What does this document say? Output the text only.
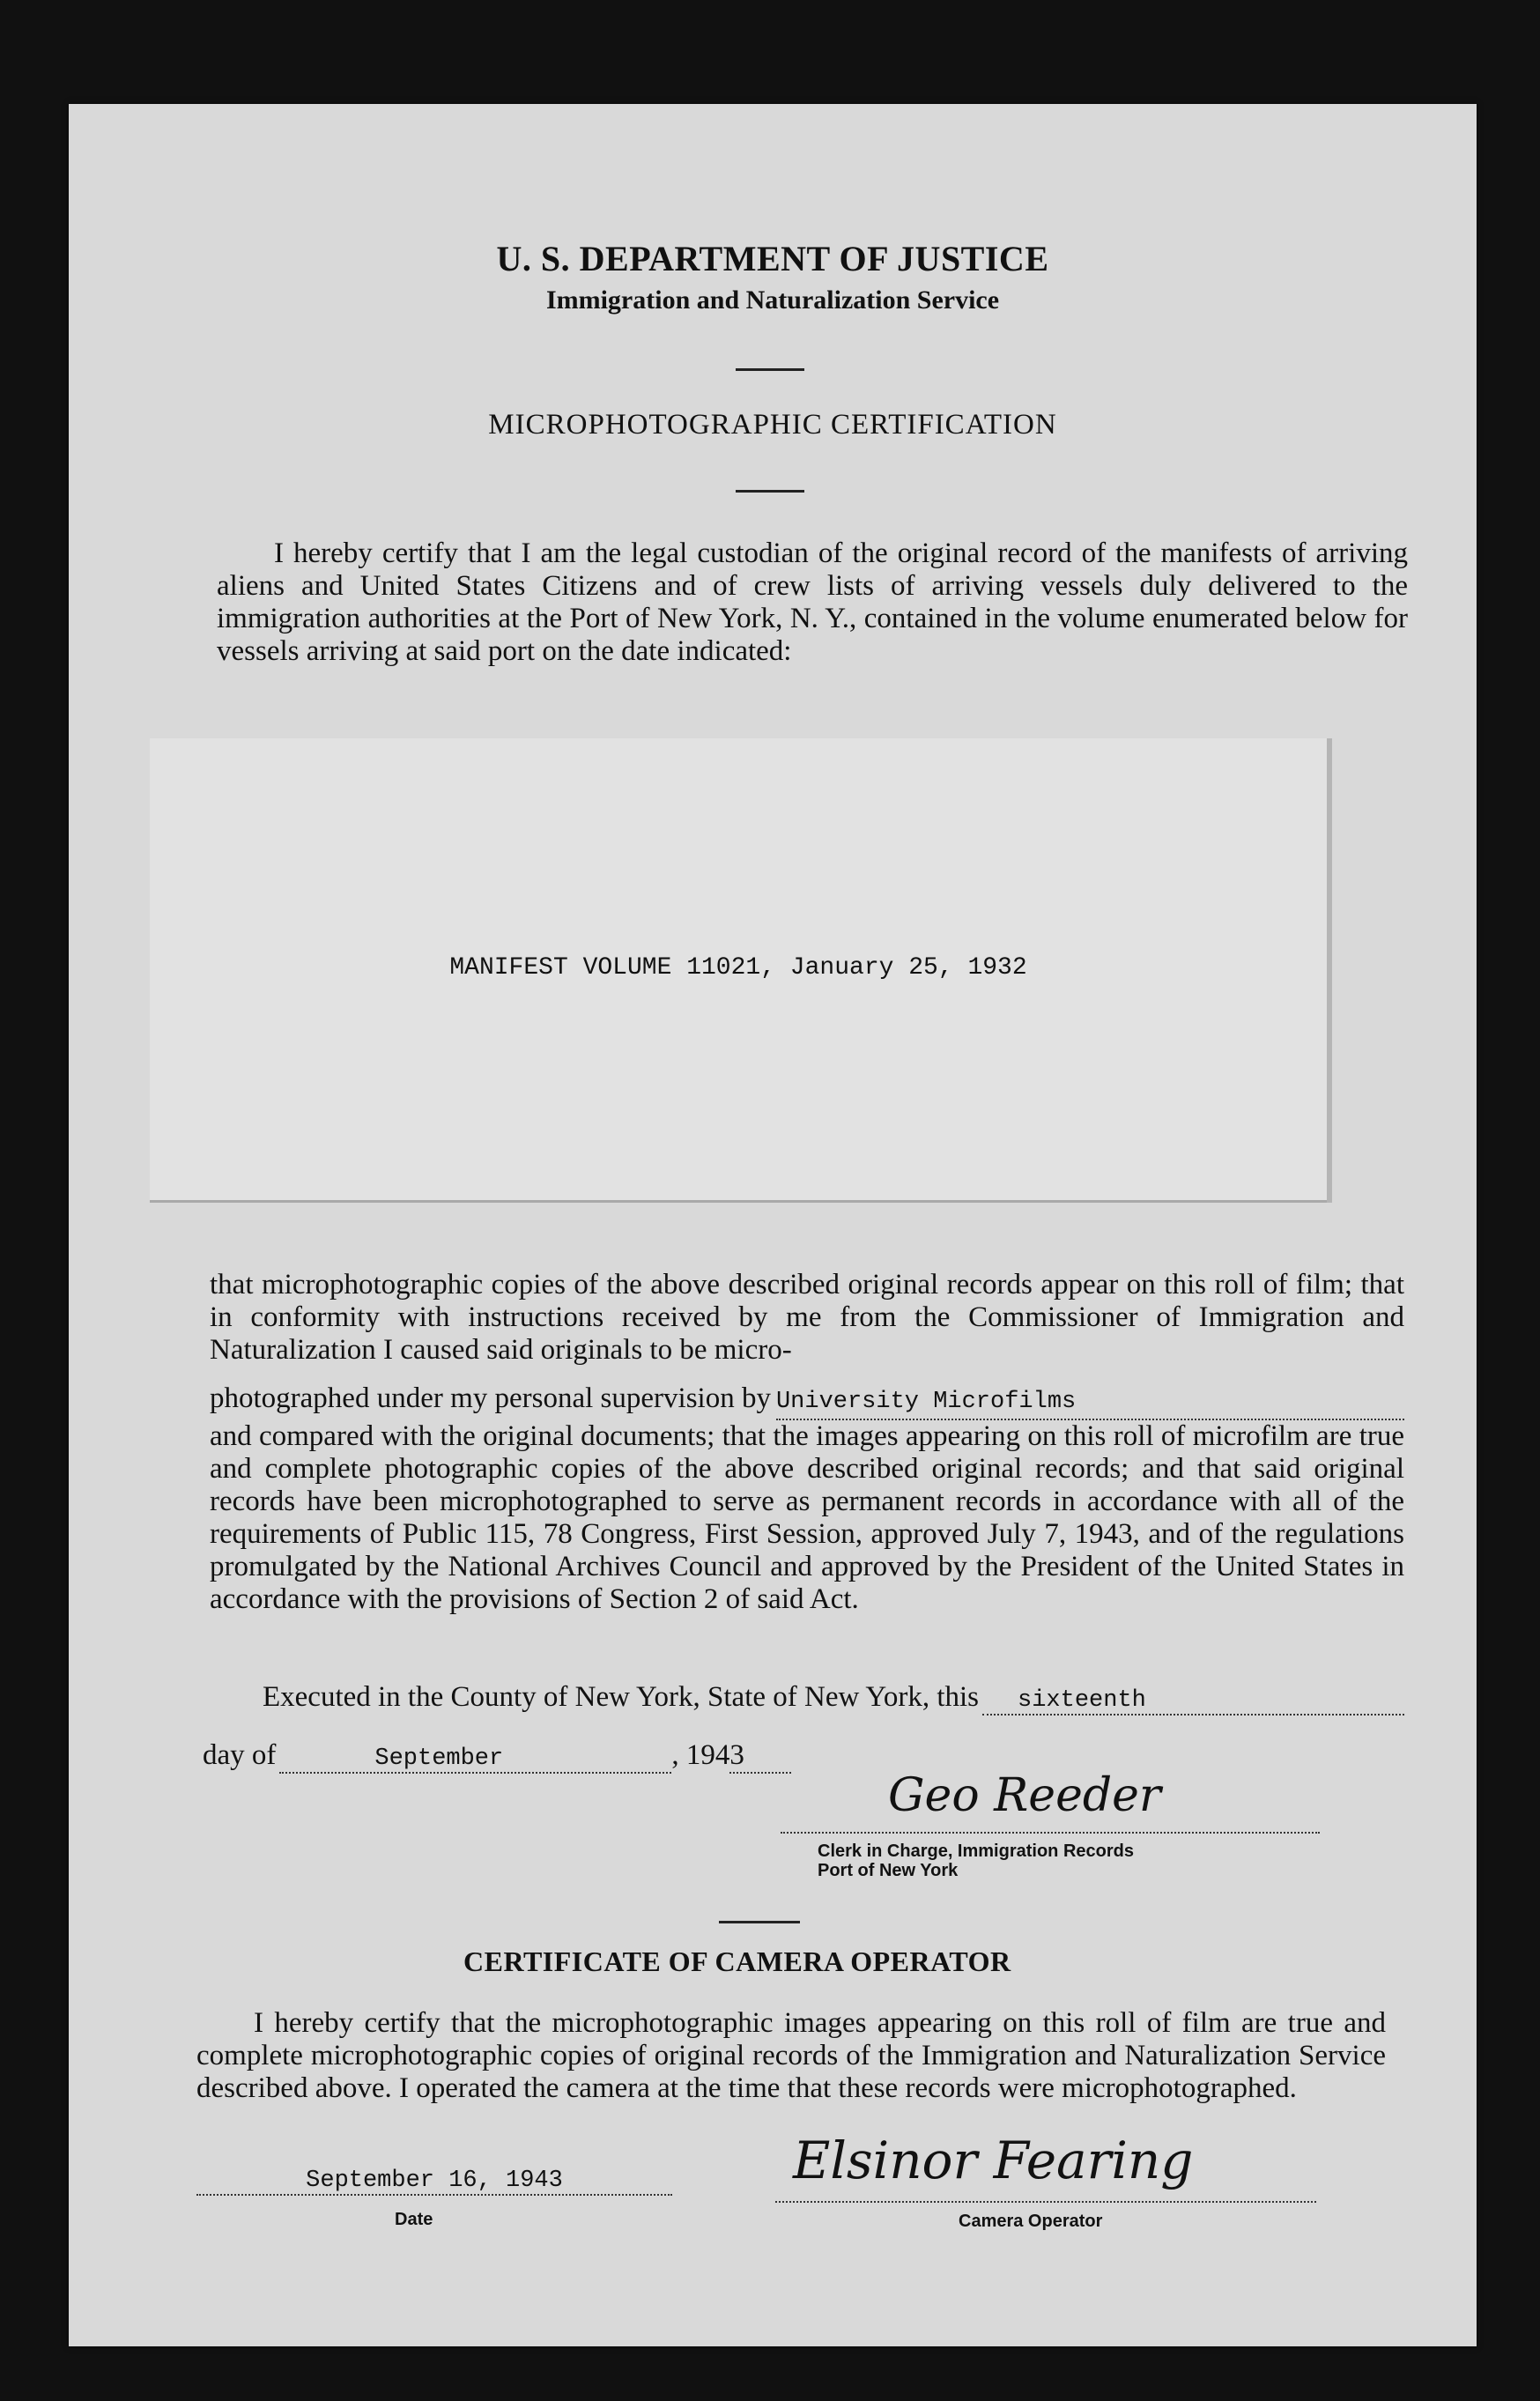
U. S. DEPARTMENT OF JUSTICE
Immigration and Naturalization Service
MICROPHOTOGRAPHIC CERTIFICATION

I hereby certify that I am the legal custodian of the original record of the manifests of arriving aliens and United States Citizens and of crew lists of arriving vessels duly delivered to the immigration authorities at the Port of New York, N. Y., contained in the volume enumerated below for vessels arriving at said port on the date indicated:

MANIFEST VOLUME 11021, January 25, 1932
that microphotographic copies of the above described original records appear on this roll of film; that in conformity with instructions received by me from the Commissioner of Immigration and Naturalization I caused said originals to be micro-
photographed under my personal supervision by University Microfilms
and compared with the original documents; that the images appearing on this roll of microfilm are true and complete photographic copies of the above described original records; and that said original records have been microphotographed to serve as permanent records in accordance with all of the requirements of Public 115, 78 Congress, First Session, approved July 7, 1943, and of the regulations promulgated by the National Archives Council and approved by the President of the United States in accordance with the provisions of Section 2 of said Act.
Executed in the County of New York, State of New York, this	sixteenth
day of	September	, 194 3
Geo Reeder
Clerk in Charge, Immigration Records
Port of New York
CERTIFICATE OF CAMERA OPERATOR

I hereby certify that the microphotographic images appearing on this roll of film are true and complete microphotographic copies of original records of the Immigration and Naturalization Service described above. I operated the camera at the time that these records were microphotographed.

September 16, 1943
Date
Elsinor Fearing
Camera Operator
